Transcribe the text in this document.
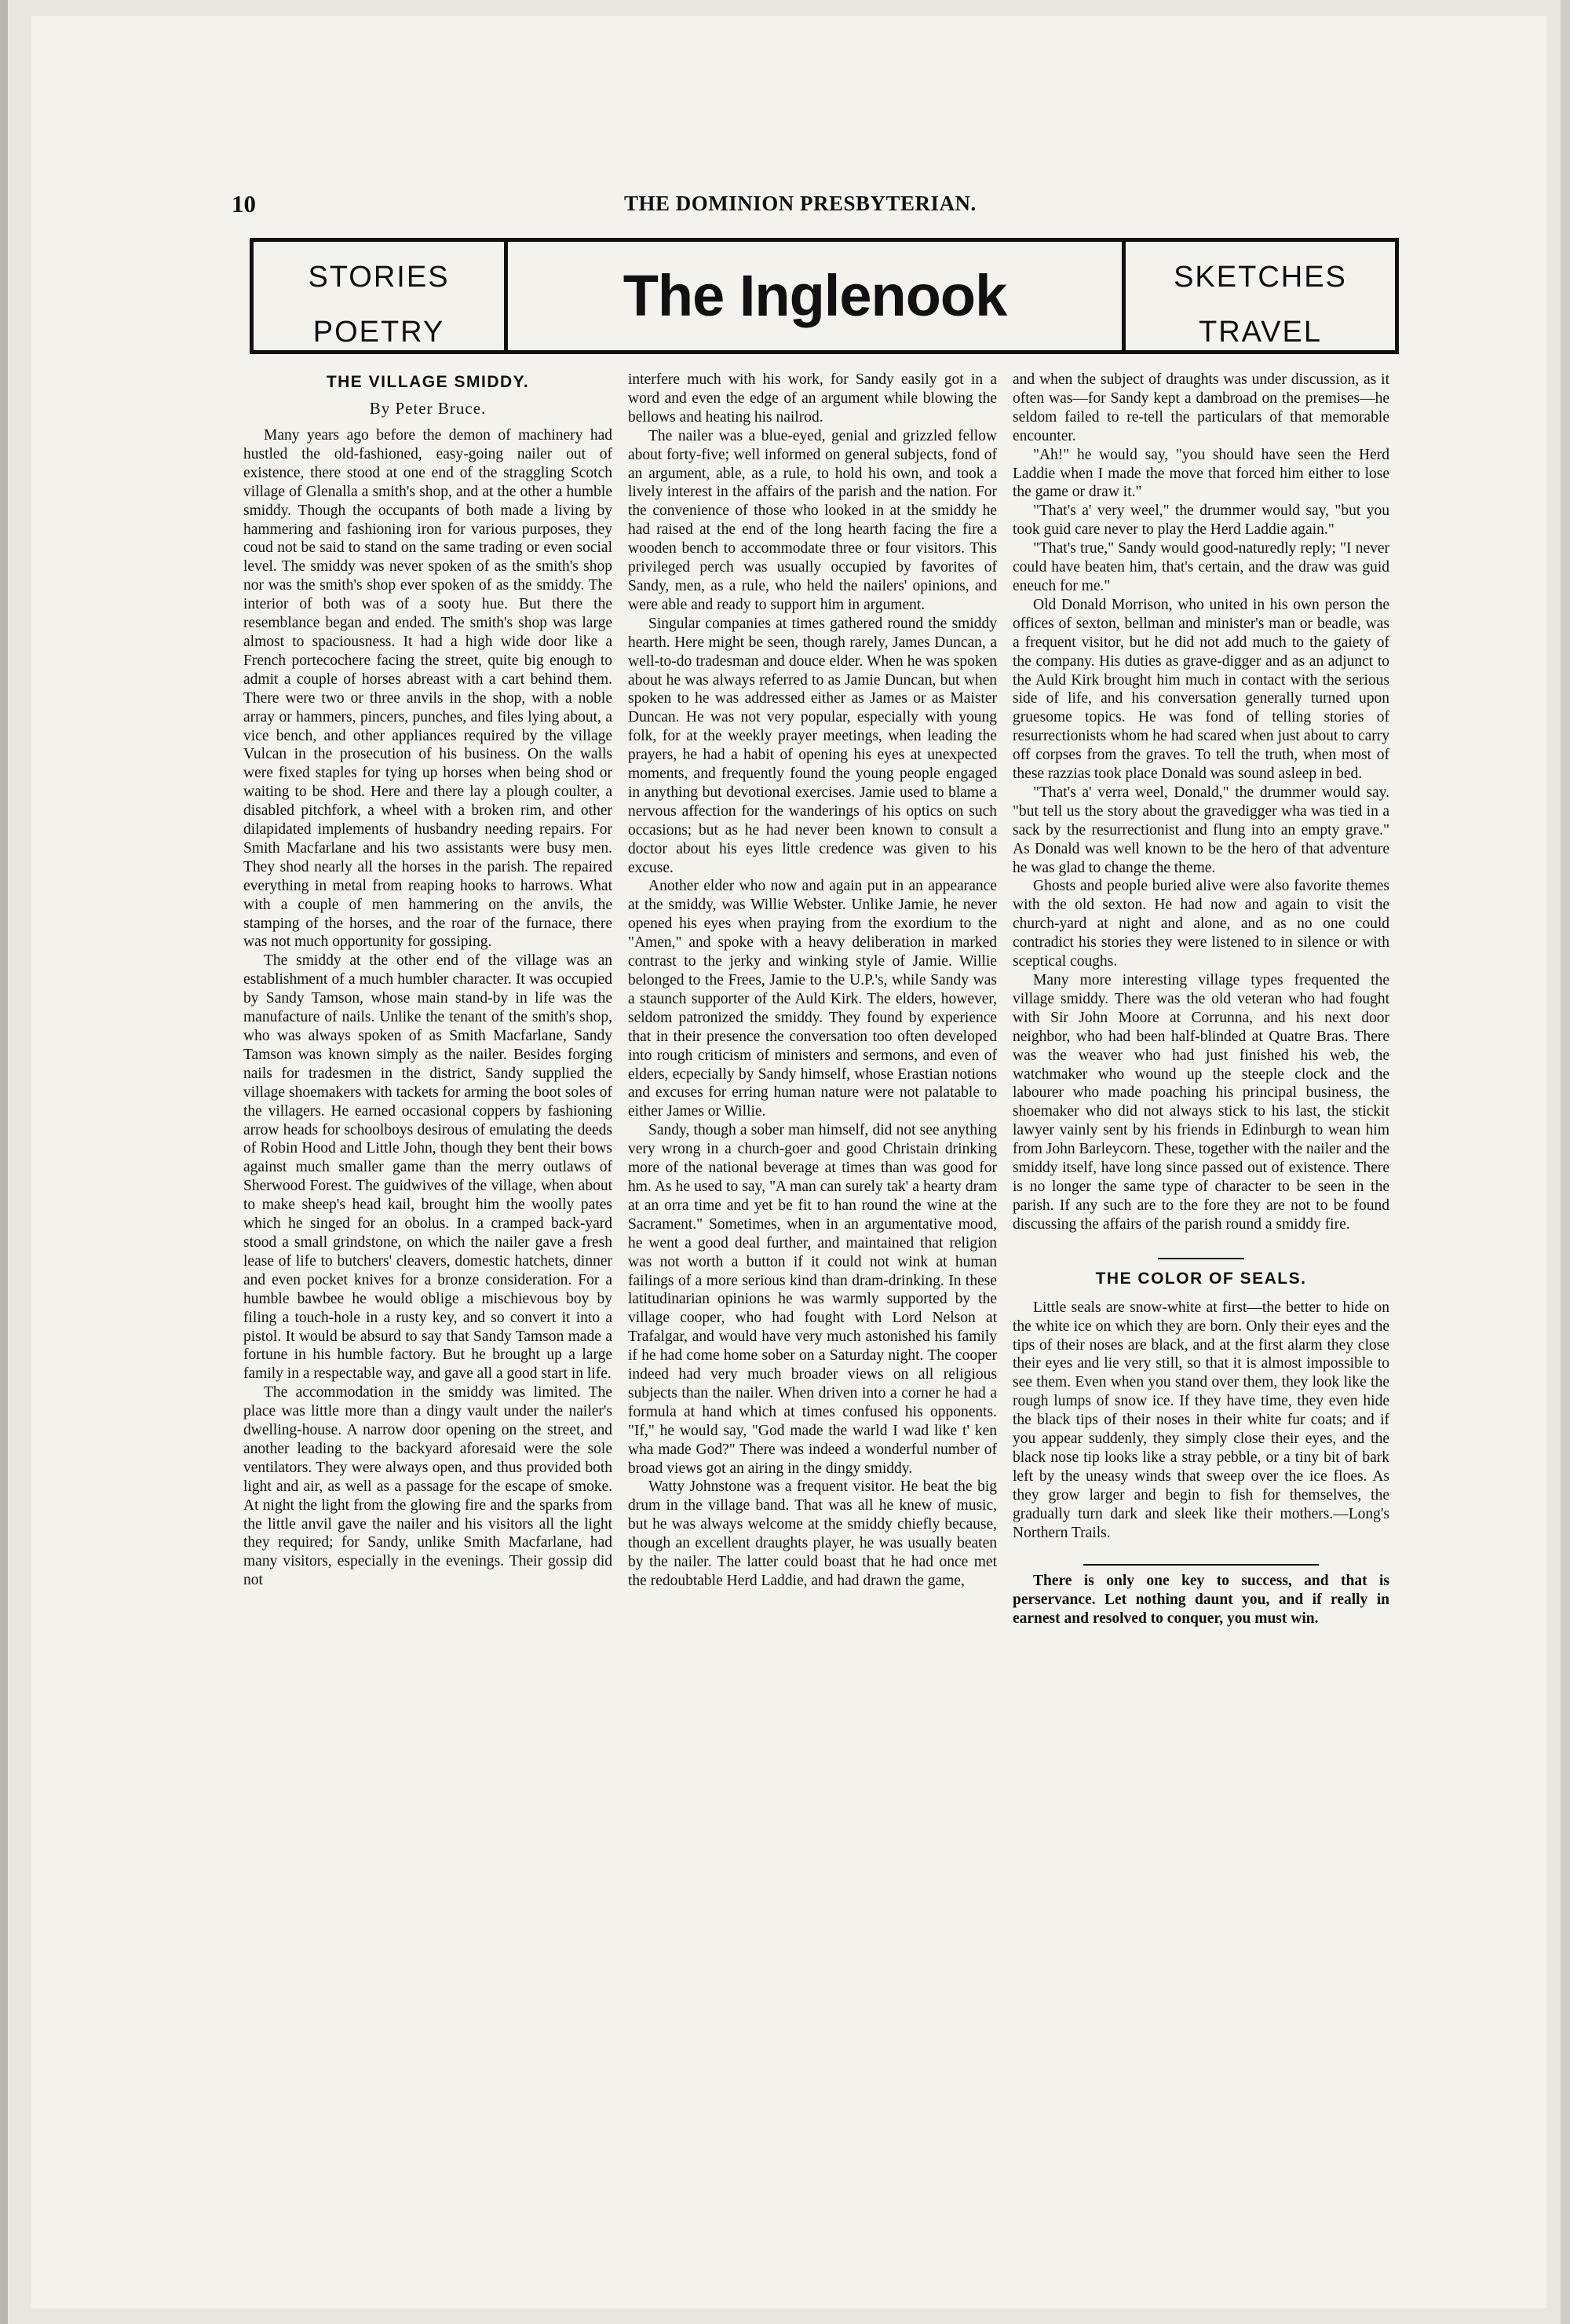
10	THE DOMINION PRESBYTERIAN.
STORIES
POETRY
The Inglenook	SKETCHES
TRAVEL
THE VILLAGE SMIDDY.
By Peter Bruce.

Many years ago before the demon of machinery had hustled the old-fashioned, easy-going nailer out of existence, there stood at one end of the straggling Scotch village of Glenalla a smith's shop, and at the other a humble smiddy. Though the occupants of both made a living by hammering and fashioning iron for various purposes, they coud not be said to stand on the same trading or even social level. The smiddy was never spoken of as the smith's shop nor was the smith's shop ever spoken of as the smiddy. The interior of both was of a sooty hue. But there the resemblance began and ended. The smith's shop was large almost to spaciousness. It had a high wide door like a French portecochere facing the street, quite big enough to admit a couple of horses abreast with a cart behind them. There were two or three anvils in the shop, with a noble array or hammers, pincers, punches, and files lying about, a vice bench, and other appliances required by the village Vulcan in the prosecution of his business. On the walls were fixed staples for tying up horses when being shod or waiting to be shod. Here and there lay a plough coulter, a disabled pitchfork, a wheel with a broken rim, and other dilapidated implements of husbandry needing repairs. For Smith Macfarlane and his two assistants were busy men. They shod nearly all the horses in the parish. The repaired everything in metal from reaping hooks to harrows. What with a couple of men hammering on the anvils, the stamping of the horses, and the roar of the furnace, there was not much opportunity for gossiping.

The smiddy at the other end of the village was an establishment of a much humbler character. It was occupied by Sandy Tamson, whose main stand-by in life was the manufacture of nails. Unlike the tenant of the smith's shop, who was always spoken of as Smith Macfarlane, Sandy Tamson was known simply as the nailer. Besides forging nails for tradesmen in the district, Sandy supplied the village shoemakers with tackets for arming the boot soles of the villagers. He earned occasional coppers by fashioning arrow heads for schoolboys desirous of emulating the deeds of Robin Hood and Little John, though they bent their bows against much smaller game than the merry outlaws of Sherwood Forest. The guidwives of the village, when about to make sheep's head kail, brought him the woolly pates which he singed for an obolus. In a cramped back-yard stood a small grindstone, on which the nailer gave a fresh lease of life to butchers' cleavers, domestic hatchets, dinner and even pocket knives for a bronze consideration. For a humble bawbee he would oblige a mischievous boy by filing a touch-hole in a rusty key, and so convert it into a pistol. It would be absurd to say that Sandy Tamson made a fortune in his humble factory. But he brought up a large family in a respectable way, and gave all a good start in life.

The accommodation in the smiddy was limited. The place was little more than a dingy vault under the nailer's dwelling-house. A narrow door opening on the street, and another leading to the backyard aforesaid were the sole ventilators. They were always open, and thus provided both light and air, as well as a passage for the escape of smoke. At night the light from the glowing fire and the sparks from the little anvil gave the nailer and his visitors all the light they required; for Sandy, unlike Smith Macfarlane, had many visitors, especially in the evenings. Their gossip did not

interfere much with his work, for Sandy easily got in a word and even the edge of an argument while blowing the bellows and heating his nailrod.

The nailer was a blue-eyed, genial and grizzled fellow about forty-five; well informed on general subjects, fond of an argument, able, as a rule, to hold his own, and took a lively interest in the affairs of the parish and the nation. For the convenience of those who looked in at the smiddy he had raised at the end of the long hearth facing the fire a wooden bench to accommodate three or four visitors. This privileged perch was usually occupied by favorites of Sandy, men, as a rule, who held the nailers' opinions, and were able and ready to support him in argument.

Singular companies at times gathered round the smiddy hearth. Here might be seen, though rarely, James Duncan, a well-to-do tradesman and douce elder. When he was spoken about he was always referred to as Jamie Duncan, but when spoken to he was addressed either as James or as Maister Duncan. He was not very popular, especially with young folk, for at the weekly prayer meetings, when leading the prayers, he had a habit of opening his eyes at unexpected moments, and frequently found the young people engaged in anything but devotional exercises. Jamie used to blame a nervous affection for the wanderings of his optics on such occasions; but as he had never been known to consult a doctor about his eyes little credence was given to his excuse.

Another elder who now and again put in an appearance at the smiddy, was Willie Webster. Unlike Jamie, he never opened his eyes when praying from the exordium to the "Amen," and spoke with a heavy deliberation in marked contrast to the jerky and winking style of Jamie. Willie belonged to the Frees, Jamie to the U.P.'s, while Sandy was a staunch supporter of the Auld Kirk. The elders, however, seldom patronized the smiddy. They found by experience that in their presence the conversation too often developed into rough criticism of ministers and sermons, and even of elders, ecpecially by Sandy himself, whose Erastian notions and excuses for erring human nature were not palatable to either James or Willie.

Sandy, though a sober man himself, did not see anything very wrong in a church-goer and good Christain drinking more of the national beverage at times than was good for hm. As he used to say, "A man can surely tak' a hearty dram at an orra time and yet be fit to han round the wine at the Sacrament." Sometimes, when in an argumentative mood, he went a good deal further, and maintained that religion was not worth a button if it could not wink at human failings of a more serious kind than dram-drinking. In these latitudinarian opinions he was warmly supported by the village cooper, who had fought with Lord Nelson at Trafalgar, and would have very much astonished his family if he had come home sober on a Saturday night. The cooper indeed had very much broader views on all religious subjects than the nailer. When driven into a corner he had a formula at hand which at times confused his opponents. "If," he would say, "God made the warld I wad like t' ken wha made God?" There was indeed a wonderful number of broad views got an airing in the dingy smiddy.

Watty Johnstone was a frequent visitor. He beat the big drum in the village band. That was all he knew of music, but he was always welcome at the smiddy chiefly because, though an excellent draughts player, he was usually beaten by the nailer. The latter could boast that he had once met the redoubtable Herd Laddie, and had drawn the game,

and when the subject of draughts was under discussion, as it often was—for Sandy kept a dambroad on the premises—he seldom failed to re-tell the particulars of that memorable encounter.

"Ah!" he would say, "you should have seen the Herd Laddie when I made the move that forced him either to lose the game or draw it."

"That's a' very weel," the drummer would say, "but you took guid care never to play the Herd Laddie again."

"That's true," Sandy would good-naturedly reply; "I never could have beaten him, that's certain, and the draw was guid eneuch for me."

Old Donald Morrison, who united in his own person the offices of sexton, bellman and minister's man or beadle, was a frequent visitor, but he did not add much to the gaiety of the company. His duties as grave-digger and as an adjunct to the Auld Kirk brought him much in contact with the serious side of life, and his conversation generally turned upon gruesome topics. He was fond of telling stories of resurrectionists whom he had scared when just about to carry off corpses from the graves. To tell the truth, when most of these razzias took place Donald was sound asleep in bed.

"That's a' verra weel, Donald," the drummer would say. "but tell us the story about the gravedigger wha was tied in a sack by the resurrectionist and flung into an empty grave." As Donald was well known to be the hero of that adventure he was glad to change the theme.

Ghosts and people buried alive were also favorite themes with the old sexton. He had now and again to visit the church-yard at night and alone, and as no one could contradict his stories they were listened to in silence or with sceptical coughs.

Many more interesting village types frequented the village smiddy. There was the old veteran who had fought with Sir John Moore at Corrunna, and his next door neighbor, who had been half-blinded at Quatre Bras. There was the weaver who had just finished his web, the watchmaker who wound up the steeple clock and the labourer who made poaching his principal business, the shoemaker who did not always stick to his last, the stickit lawyer vainly sent by his friends in Edinburgh to wean him from John Barleycorn. These, together with the nailer and the smiddy itself, have long since passed out of existence. There is no longer the same type of character to be seen in the parish. If any such are to the fore they are not to be found discussing the affairs of the parish round a smiddy fire.

THE COLOR OF SEALS.

Little seals are snow-white at first—the better to hide on the white ice on which they are born. Only their eyes and the tips of their noses are black, and at the first alarm they close their eyes and lie very still, so that it is almost impossible to see them. Even when you stand over them, they look like the rough lumps of snow ice. If they have time, they even hide the black tips of their noses in their white fur coats; and if you appear suddenly, they simply close their eyes, and the black nose tip looks like a stray pebble, or a tiny bit of bark left by the uneasy winds that sweep over the ice floes. As they grow larger and begin to fish for themselves, the gradually turn dark and sleek like their mothers.—Long's Northern Trails.

There is only one key to success, and that is perservance. Let nothing daunt you, and if really in earnest and resolved to conquer, you must win.
